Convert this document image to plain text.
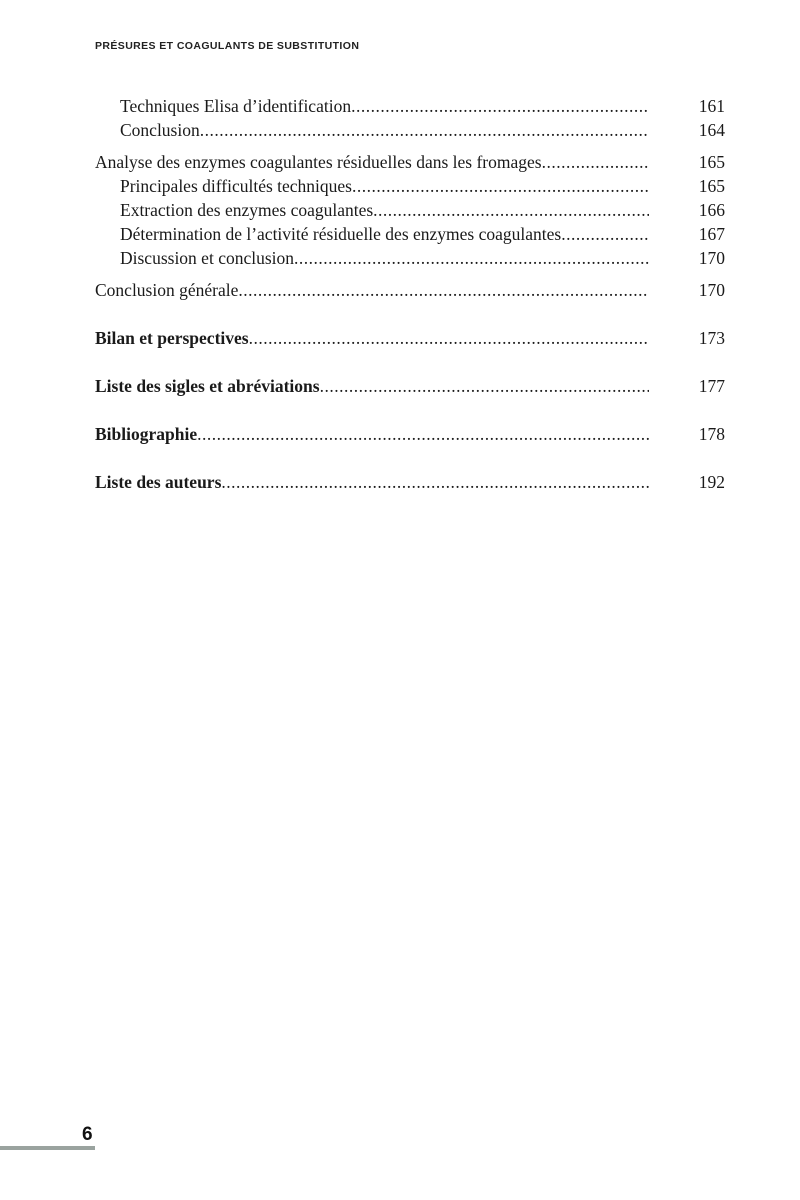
PRÉSURES ET COAGULANTS DE SUBSTITUTION
Techniques Elisa d’identification .....	161
Conclusion .....	164
Analyse des enzymes coagulantes résiduelles dans les fromages .....	165
Principales difficultés techniques .....	165
Extraction des enzymes coagulantes .....	166
Détermination de l’activité résiduelle des enzymes coagulantes .....	167
Discussion et conclusion .....	170
Conclusion générale .....	170
Bilan et perspectives .....	173
Liste des sigles et abréviations .....	177
Bibliographie .....	178
Liste des auteurs .....	192
6
